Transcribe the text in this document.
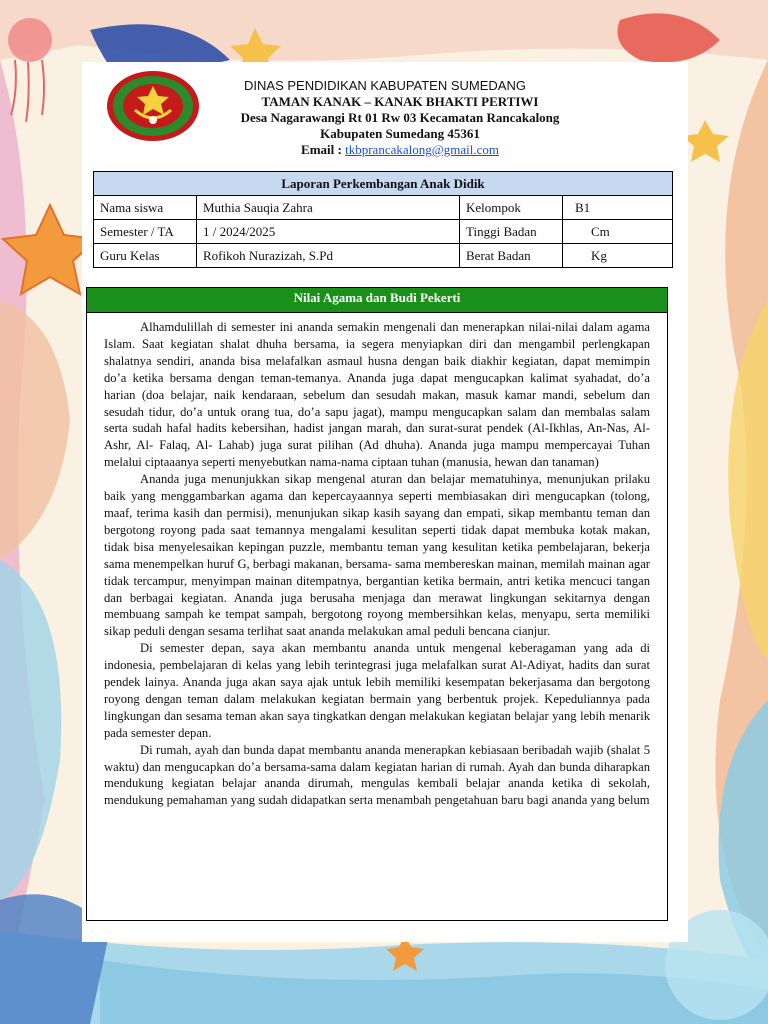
DINAS PENDIDIKAN KABUPATEN SUMEDANG
TAMAN KANAK – KANAK BHAKTI PERTIWI
Desa Nagarawangi Rt 01 Rw 03 Kecamatan Rancakalong
Kabupaten Sumedang 45361
Email : tkbprancakalong@gmail.com
Laporan Perkembangan Anak Didik			
Nama siswa	Muthia Sauqia Zahra	Kelompok	B1
Semester / TA	1 / 2024/2025	Tinggi Badan	Cm
Guru Kelas	Rofikoh Nurazizah, S.Pd	Berat Badan	Kg
Nilai Agama dan Budi Pekerti

Alhamdulillah di semester ini ananda semakin mengenali dan menerapkan nilai-nilai dalam agama Islam. Saat kegiatan shalat dhuha bersama, ia segera menyiapkan diri dan mengambil perlengkapan shalatnya sendiri, ananda bisa melafalkan asmaul husna dengan baik diakhir kegiatan, dapat memimpin do’a ketika bersama dengan teman-temanya. Ananda juga dapat mengucapkan kalimat syahadat, do’a harian (doa belajar, naik kendaraan, sebelum dan sesudah makan, masuk kamar mandi, sebelum dan sesudah tidur, do’a untuk orang tua, do’a sapu jagat), mampu mengucapkan salam dan membalas salam serta sudah hafal hadits kebersihan, hadist jangan marah, dan surat-surat pendek (Al-Ikhlas, An-Nas, Al-Ashr, Al- Falaq, Al- Lahab) juga surat pilihan (Ad dhuha). Ananda juga mampu mempercayai Tuhan melalui ciptaaanya seperti menyebutkan nama-nama ciptaan tuhan (manusia, hewan dan tanaman)

Ananda juga menunjukkan sikap mengenal aturan dan belajar mematuhinya, menunjukan prilaku baik yang menggambarkan agama dan kepercayaannya seperti membiasakan diri mengucapkan (tolong, maaf, terima kasih dan permisi), menunjukan sikap kasih sayang dan empati, sikap membantu teman dan bergotong royong pada saat temannya mengalami kesulitan seperti tidak dapat membuka kotak makan, tidak bisa menyelesaikan kepingan puzzle, membantu teman yang kesulitan ketika pembelajaran, bekerja sama menempelkan huruf G, berbagi makanan, bersama- sama membereskan mainan, memilah mainan agar tidak tercampur, menyimpan mainan ditempatnya, bergantian ketika bermain, antri ketika mencuci tangan dan berbagai kegiatan. Ananda juga berusaha menjaga dan merawat lingkungan sekitarnya dengan membuang sampah ke tempat sampah, bergotong royong membersihkan kelas, menyapu, serta memiliki sikap peduli dengan sesama terlihat saat ananda melakukan amal peduli bencana cianjur.

Di semester depan, saya akan membantu ananda untuk mengenal keberagaman yang ada di indonesia, pembelajaran di kelas yang lebih terintegrasi juga melafalkan surat Al-Adiyat, hadits dan surat pendek lainya. Ananda juga akan saya ajak untuk lebih memiliki kesempatan bekerjasama dan bergotong royong dengan teman dalam melakukan kegiatan bermain yang berbentuk projek. Kepeduliannya pada lingkungan dan sesama teman akan saya tingkatkan dengan melakukan kegiatan belajar yang lebih menarik pada semester depan.

Di rumah, ayah dan bunda dapat membantu ananda menerapkan kebiasaan beribadah wajib (shalat 5 waktu) dan mengucapkan do’a bersama-sama dalam kegiatan harian di rumah. Ayah dan bunda diharapkan mendukung kegiatan belajar ananda dirumah, mengulas kembali belajar ananda ketika di sekolah, mendukung pemahaman yang sudah didapatkan serta menambah pengetahuan baru bagi ananda yang belum
